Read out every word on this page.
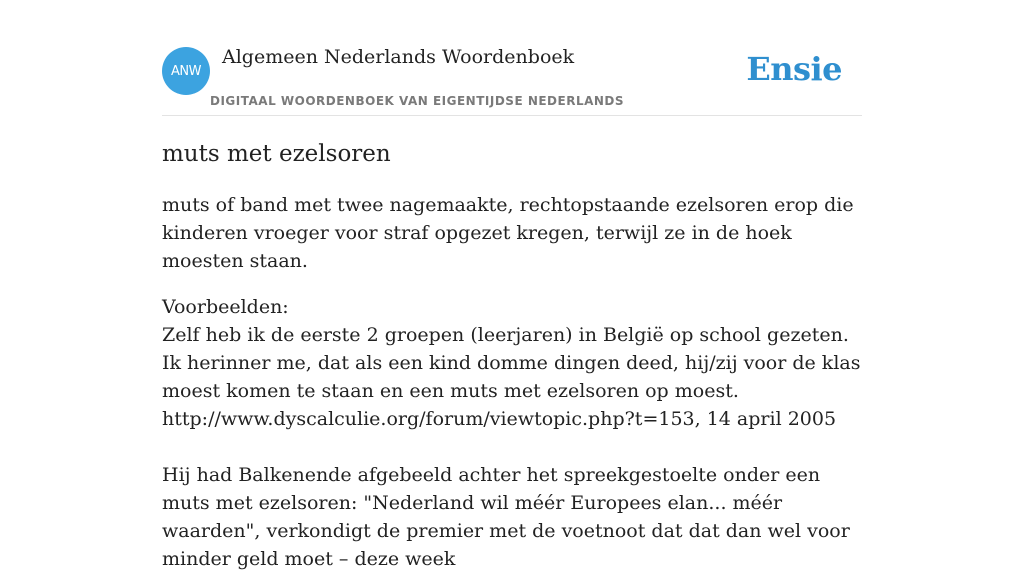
ANW
Algemeen Nederlands Woordenboek
DIGITAAL WOORDENBOEK VAN EIGENTIJDSE NEDERLANDS
Ensie
muts met ezelsoren

muts of band met twee nagemaakte, rechtopstaande ezelsoren erop die kinderen vroeger voor straf opgezet kregen, terwijl ze in de hoek moesten staan.

Voorbeelden:

Zelf heb ik de eerste 2 groepen (leerjaren) in België op school gezeten. Ik herinner me, dat als een kind domme dingen deed, hij/zij voor de klas moest komen te staan en een muts met ezelsoren op moest.

http://www.dyscalculie.org/forum/viewtopic.php?t=153, 14 april 2005

Hij had Balkenende afgebeeld achter het spreekgestoelte onder een muts met ezelsoren: "Nederland wil méér Europees elan... méér waarden", verkondigt de premier met de voetnoot dat dat dan wel voor minder geld moet – deze week
